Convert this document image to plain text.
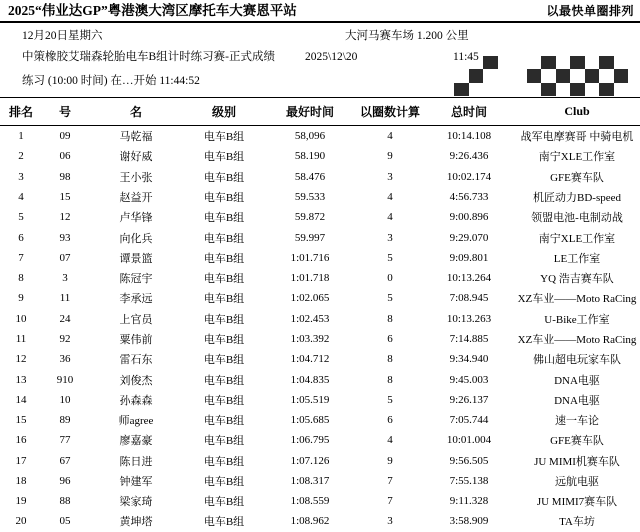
2025“伟业达GP”粤港澳大湾区摩托车大赛恩平站	以最快单圈排列
12月20日星期六	大河马赛车场 1.200 公里
中策橡胶艾瑞森轮胎电车B组计时练习赛-正式成绩	2025\12\20	11:45
练习 (10:00 时间) 在…开始 11:44:52
排名	号	名	级别	最好时间	以圈数计算	总时间	Club
1	09	马乾福	电车B组	58,096	4	10:14.108	战军电摩赛哥 中骑电机
2	06	谢好威	电车B组	58.190	9	9:26.436	南宁XLE工作室
3	98	王小张	电车B组	58.476	3	10:02.174	GFE赛车队
4	15	赵益开	电车B组	59.533	4	4:56.733	机匠动力BD-speed
5	12	卢华锋	电车B组	59.872	4	9:00.896	领盟电池-电制动战
6	93	向化兵	电车B组	59.997	3	9:29.070	南宁XLE工作室
7	07	谭景篮	电车B组	1:01.716	5	9:09.801	LE工作室
8	3	陈冠宇	电车B组	1:01.718	0	10:13.264	YQ 浩吉赛车队
9	11	李承远	电车B组	1:02.065	5	7:08.945	XZ车业——Moto RaCing
10	24	上官员	电车B组	1:02.453	8	10:13.263	U-Bike工作室
11	92	粟伟前	电车B组	1:03.392	6	7:14.885	XZ车业——Moto RaCing
12	36	雷石东	电车B组	1:04.712	8	9:34.940	佛山超电玩家车队
13	910	刘俊杰	电车B组	1:04.835	8	9:45.003	DNA电驱
14	10	孙森森	电车B组	1:05.519	5	9:26.137	DNA电驱
15	89	师agree	电车B组	1:05.685	6	7:05.744	速一车论
16	77	廖嘉豪	电车B组	1:06.795	4	10:01.004	GFE赛车队
17	67	陈日进	电车B组	1:07.126	9	9:56.505	JU MIMI机赛车队
18	96	钟建军	电车B组	1:08.317	7	7:55.138	远航电驱
19	88	梁家琦	电车B组	1:08.559	7	9:11.328	JU MIMI7赛车队
20	05	黄坤塔	电车B组	1:08.962	3	3:58.909	TA车坊
